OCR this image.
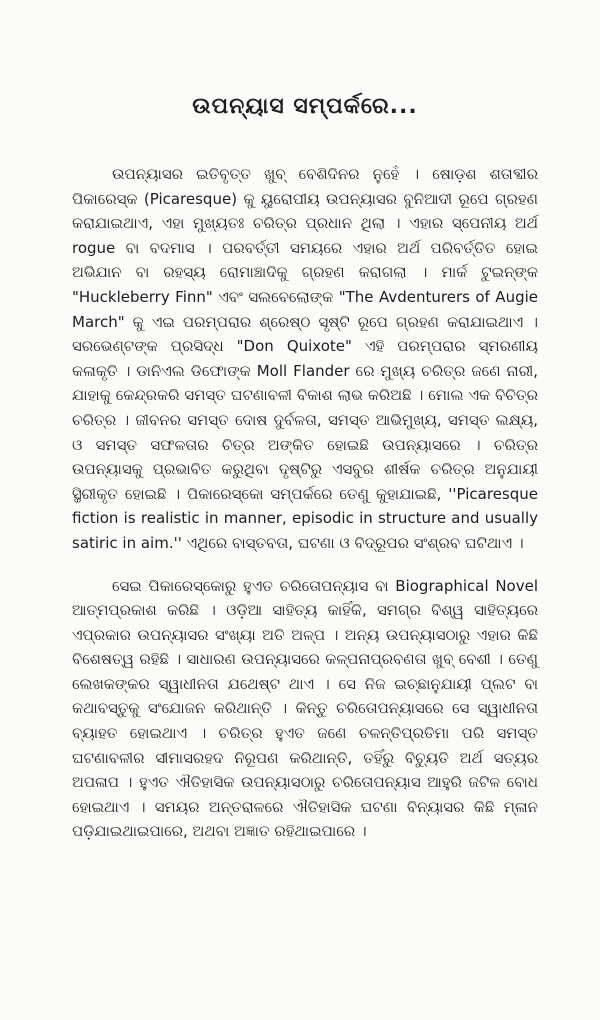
ଉପନ୍ୟାସ ସମ୍ପର୍କରେ...

ଉପନ୍ୟାସର ଇତିବୃତ୍ତ ଖୁବ୍ ବେଶିଦିନର ନୁହେଁ । ଷୋଡ଼ଶ ଶତାବ୍ଦୀର ପିକାରେସ୍କ (Picaresque) କୁ ୟୁରୋପୀୟ ଉପନ୍ୟାସର ବୁନିଆଦୀ ରୂପେ ଗ୍ରହଣ କରାଯାଇଥାଏ, ଏହା ମୁଖ୍ୟତଃ ଚରିତ୍ର ପ୍ରଧାନ ଥିଲା । ଏହାର ସ୍ପେନୀୟ ଅର୍ଥ rogue ବା ବଦମାସ । ପରବର୍ତ୍ତୀ ସମୟରେ ଏହାର ଅର୍ଥ ପରିବର୍ତ୍ତିତ ହୋଇ ଅଭିଯାନ ବା ରହସ୍ୟ ରୋମାଞ୍ଚାଦିକୁ ଗ୍ରହଣ କରାଗଲା । ମାର୍କ ଟୁଇନ୍‌ଙ୍କ "Huckleberry Finn" ଏବଂ ସଲବେଲୋଙ୍କ "The Avdenturers of Augie March" କୁ ଏଇ ପରମ୍ପରାର ଶ୍ରେଷ୍ଠ ସୃଷ୍ଟି ରୂପେ ଗ୍ରହଣ କରାଯାଇଥାଏ । ସରଭେଣ୍ଟଙ୍କ ପ୍ରସିଦ୍ଧ "Don Quixote" ଏହି ପରମ୍ପରାର ସ୍ମରଣୀୟ କଳାକୃତି । ଡାନିଏଲ ଡିଫୋଙ୍କ Moll Flander ରେ ମୁଖ୍ୟ ଚରିତ୍ର ଜଣେ ନାରୀ, ଯାହାକୁ କେନ୍ଦ୍ରକରି ସମସ୍ତ ଘଟଣାବଳୀ ବିକାଶ ଲାଭ କରିଅଛି । ମୋଲ ଏକ ବିଚିତ୍ର ଚରିତ୍ର । ଜୀବନର ସମସ୍ତ ଦୋଷ ଦୁର୍ବଳତା, ସମସ୍ତ ଆଭିମୁଖ୍ୟ, ସମସ୍ତ ଲକ୍ଷ୍ୟ, ଓ ସମସ୍ତ ସଫଳତାର ଚିତ୍ର ଅଙ୍କିତ ହୋଇଛି ଉପନ୍ୟାସରେ । ଚରିତ୍ର ଉପନ୍ୟାସକୁ ପ୍ରଭାବିତ କରୁଥିବା ଦୃଷ୍ଟିରୁ ଏସବୁର ଶୀର୍ଷକ ଚରିତ୍ର ଅନୁଯାୟୀ ସ୍ଥିରୀକୃତ ହୋଇଛି । ପିକାରେସ୍କୋ ସମ୍ପର୍କରେ ତେଣୁ କୁହାଯାଇଛି, ''Picaresque fiction is realistic in manner, episodic in structure and usually satiric in aim.'' ଏଥିରେ ବାସ୍ତବତା, ଘଟଣା ଓ ବିଦ୍ରୂପର ସଂଶ୍ରବ ଘଟିଥାଏ ।

ସେଇ ପିକାରେସ୍କୋରୁ ହୁଏତ ଚରିତୋପନ୍ୟାସ ବା Biographical Novel ଆତ୍ମପ୍ରକାଶ କରିଛି । ଓଡ଼ିଆ ସାହିତ୍ୟ କାହିଁକି, ସମଗ୍ର ବିଶ୍ୱ ସାହିତ୍ୟରେ ଏପ୍ରକାର ଉପନ୍ୟାସର ସଂଖ୍ୟା ଅତି ଅଳ୍ପ । ଅନ୍ୟ ଉପନ୍ୟାସଠାରୁ ଏହାର କିଛି ବିଶେଷତ୍ୱ ରହିଛି । ସାଧାରଣ ଉପନ୍ୟାସରେ କଳ୍ପନାପ୍ରବଣତା ଖୁବ୍ ବେଶୀ । ତେଣୁ ଲେଖକଙ୍କର ସ୍ୱାଧୀନତା ଯଥେଷ୍ଟ ଥାଏ । ସେ ନିଜ ଇଚ୍ଛାନୁଯାୟୀ ପ୍ଲଟ ବା କଥାବସ୍ତୁକୁ ସଂଯୋଜନ କରିଥାନ୍ତି । କିନ୍ତୁ ଚରିତୋପନ୍ୟାସରେ ସେ ସ୍ୱାଧୀନତା ବ୍ୟାହତ ହୋଇଥାଏ । ଚରିତ୍ର ହୁଏତ ଜଣେ ଚଳନ୍ତିପ୍ରତିମା ପରି ସମସ୍ତ ଘଟଣାବଳୀର ସୀମାସରହଦ ନିରୂପଣ କରିଥାନ୍ତି, ତହିଁରୁ ବିଚ୍ୟୁତି ଅର୍ଥ ସତ୍ୟର ଅପଳାପ । ହୁଏତ ଐତିହାସିକ ଉପନ୍ୟାସଠାରୁ ଚରିତୋପନ୍ୟାସ ଆହୁରି ଜଟିଳ ବୋଧ ହୋଇଥାଏ । ସମୟର ଅନ୍ତରାଳରେ ଐତିହାସିକ ଘଟଣା ବିନ୍ୟାସର କିଛି ମ୍ଳାନ ପଡ଼ିଯାଇଥାଇପାରେ, ଅଥବା ଅଜ୍ଞାତ ରହିଥାଇପାରେ ।
